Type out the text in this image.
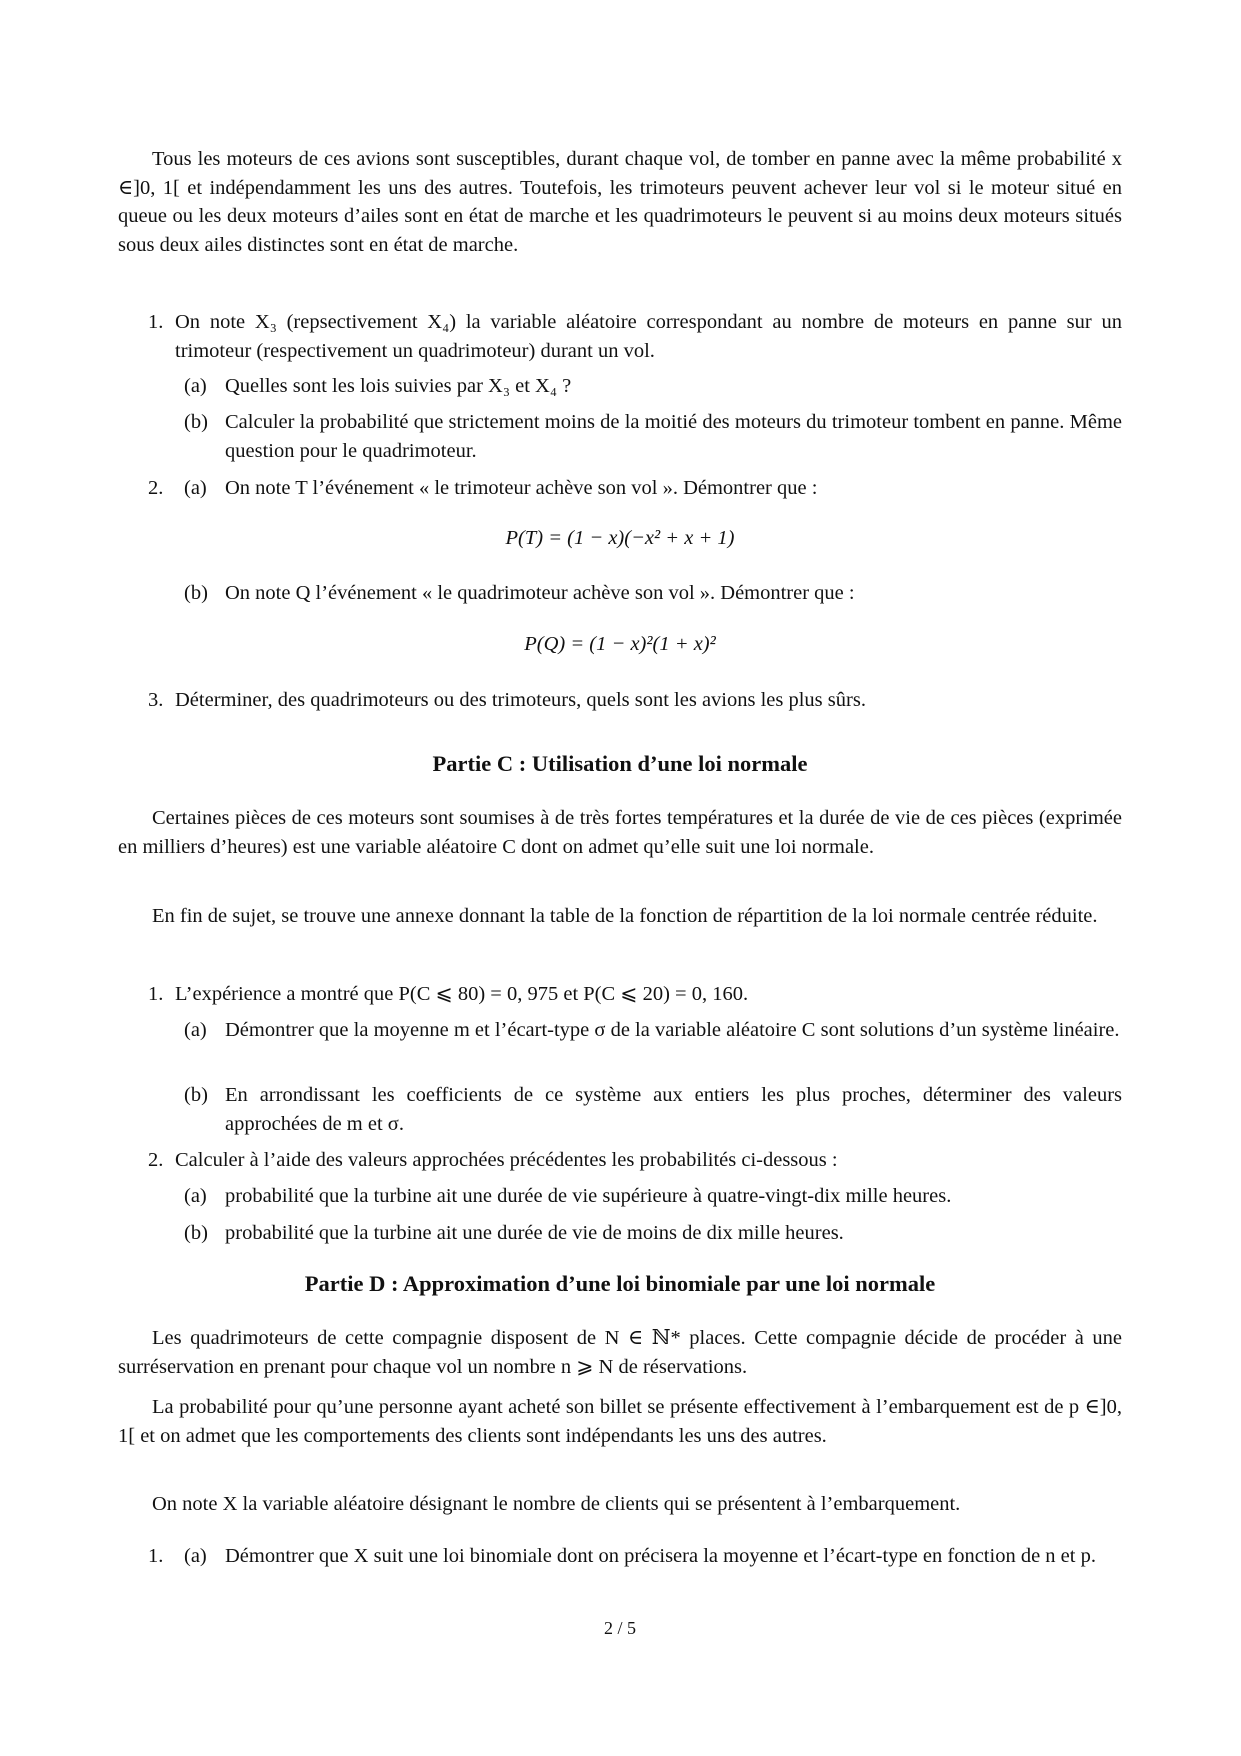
Tous les moteurs de ces avions sont susceptibles, durant chaque vol, de tomber en panne avec la même probabilité x ∈]0, 1[ et indépendamment les uns des autres. Toutefois, les trimoteurs peuvent achever leur vol si le moteur situé en queue ou les deux moteurs d’ailes sont en état de marche et les quadrimoteurs le peuvent si au moins deux moteurs situés sous deux ailes distinctes sont en état de marche.
1. On note X₃ (repsectivement X₄) la variable aléatoire correspondant au nombre de moteurs en panne sur un trimoteur (respectivement un quadrimoteur) durant un vol.
(a) Quelles sont les lois suivies par X₃ et X₄ ?
(b) Calculer la probabilité que strictement moins de la moitié des moteurs du trimoteur tombent en panne. Même question pour le quadrimoteur.
2. (a) On note T l’événement « le trimoteur achève son vol ». Démontrer que :
P(T) = (1 − x)(−x² + x + 1)
(b) On note Q l’événement « le quadrimoteur achève son vol ». Démontrer que :
P(Q) = (1 − x)²(1 + x)²
3. Déterminer, des quadrimoteurs ou des trimoteurs, quels sont les avions les plus sûrs.
Partie C : Utilisation d’une loi normale
Certaines pièces de ces moteurs sont soumises à de très fortes températures et la durée de vie de ces pièces (exprimée en milliers d’heures) est une variable aléatoire C dont on admet qu’elle suit une loi normale.
En fin de sujet, se trouve une annexe donnant la table de la fonction de répartition de la loi normale centrée réduite.
1. L’expérience a montré que P(C ⩽ 80) = 0, 975 et P(C ⩽ 20) = 0, 160.
(a) Démontrer que la moyenne m et l’écart-type σ de la variable aléatoire C sont solutions d’un système linéaire.
(b) En arrondissant les coefficients de ce système aux entiers les plus proches, déterminer des valeurs approchées de m et σ.
2. Calculer à l’aide des valeurs approchées précédentes les probabilités ci-dessous :
(a) probabilité que la turbine ait une durée de vie supérieure à quatre-vingt-dix mille heures.
(b) probabilité que la turbine ait une durée de vie de moins de dix mille heures.
Partie D : Approximation d’une loi binomiale par une loi normale
Les quadrimoteurs de cette compagnie disposent de N ∈ ℕ* places. Cette compagnie décide de procéder à une surréservation en prenant pour chaque vol un nombre n ⩾ N de réservations.
La probabilité pour qu’une personne ayant acheté son billet se présente effectivement à l’embarquement est de p ∈]0, 1[ et on admet que les comportements des clients sont indépendants les uns des autres.
On note X la variable aléatoire désignant le nombre de clients qui se présentent à l’embarquement.
1. (a) Démontrer que X suit une loi binomiale dont on précisera la moyenne et l’écart-type en fonction de n et p.
2 / 5
